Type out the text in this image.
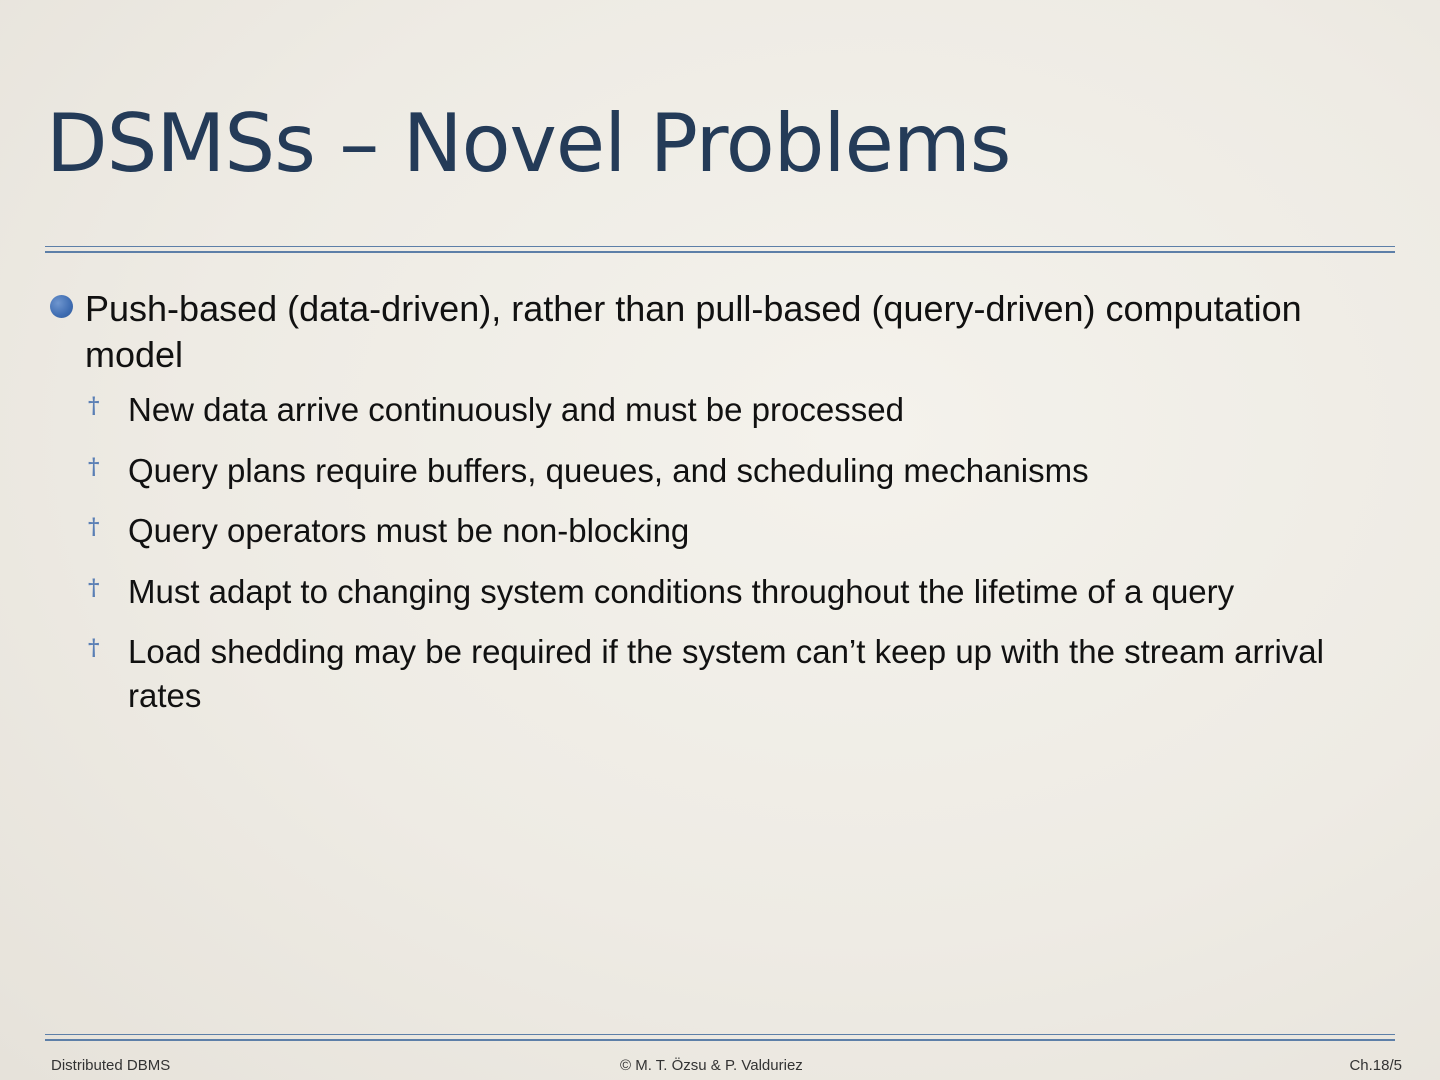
DSMSs – Novel Problems
Push-based (data-driven), rather than pull-based (query-driven) computation model
† New data arrive continuously and must be processed
† Query plans require buffers, queues, and scheduling mechanisms
† Query operators must be non-blocking
† Must adapt to changing system conditions throughout the lifetime of a query
† Load shedding may be required if the system can’t keep up with the stream arrival rates
Distributed DBMS	© M. T. Özsu & P. Valduriez	Ch.18/5
